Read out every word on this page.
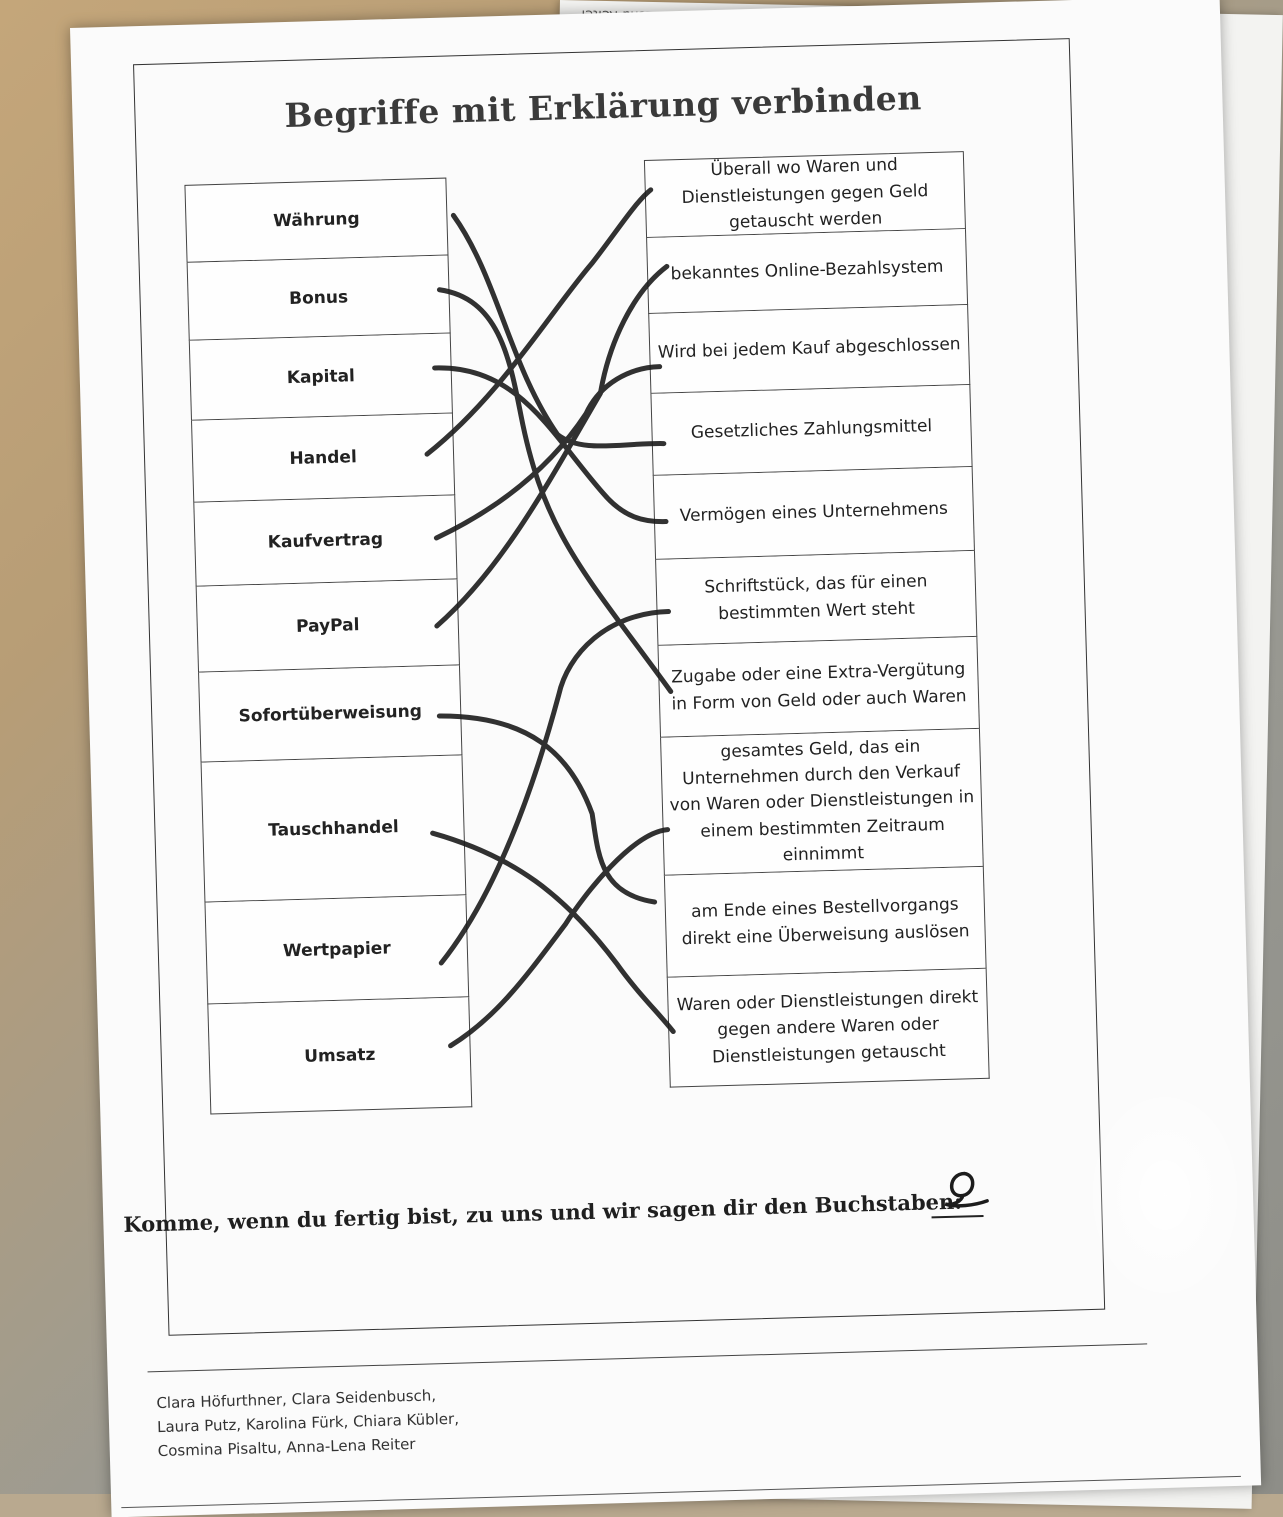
Begriffe mit Erklärung verbinden
Währung
Bonus
Kapital
Handel
Kaufvertrag
PayPal
Sofortüberweisung
Tauschhandel
Wertpapier
Umsatz
Überall wo Waren und Dienstleistungen gegen Geld getauscht werden
bekanntes Online-Bezahlsystem
Wird bei jedem Kauf abgeschlossen
Gesetzliches Zahlungsmittel
Vermögen eines Unternehmens
Schriftstück, das für einen bestimmten Wert steht
Zugabe oder eine Extra-Vergütung in Form von Geld oder auch Waren
gesamtes Geld, das ein Unternehmen durch den Verkauf von Waren oder Dienstleistungen in einem bestimmten Zeitraum einnimmt
am Ende eines Bestellvorgangs direkt eine Überweisung auslösen
Waren oder Dienstleistungen direkt gegen andere Waren oder Dienstleistungen getauscht
Komme, wenn du fertig bist, zu uns und wir sagen dir den Buchstaben:
Clara Höfurthner, Clara Seidenbusch, Laura Putz, Karolina Fürk, Chiara Kübler, Cosmina Pisaltu, Anna-Lena Reiter
